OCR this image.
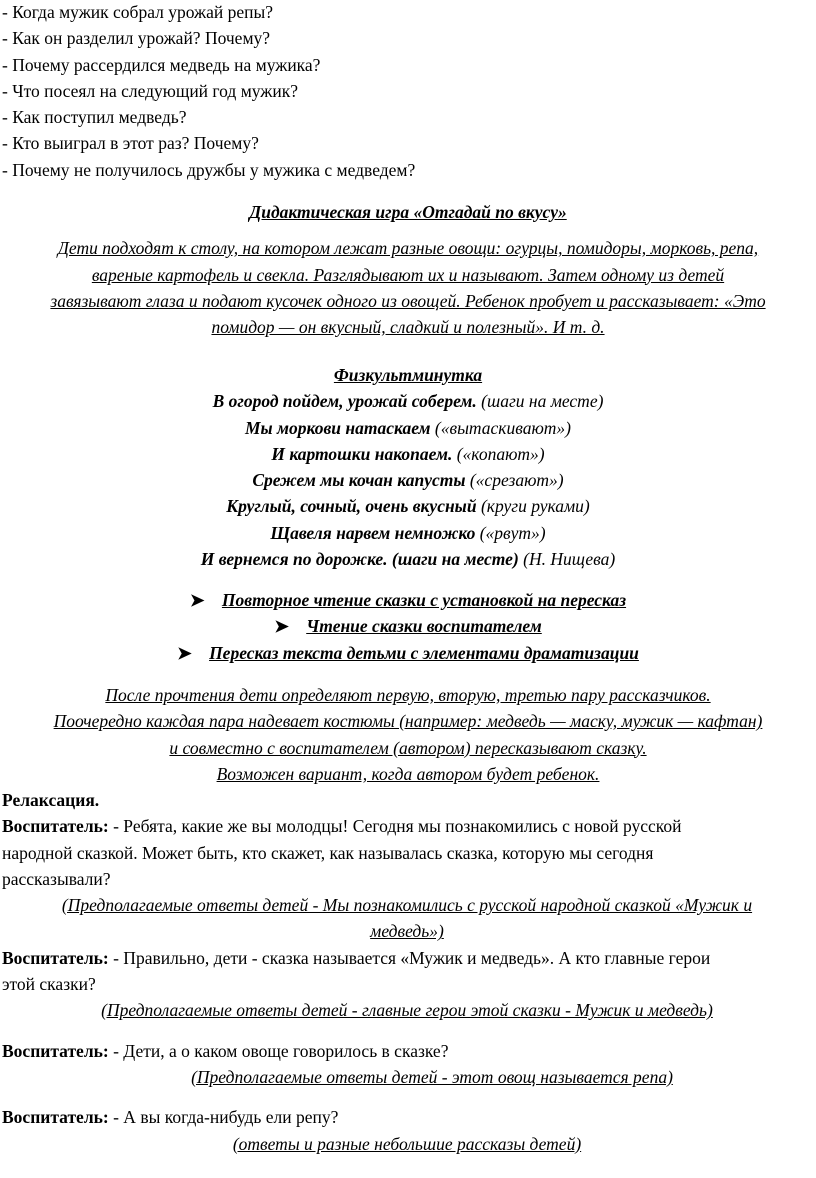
- Когда мужик собрал урожай репы?
- Как он разделил урожай? Почему?
- Почему рассердился медведь на мужика?
- Что посеял на следующий год мужик?
- Как поступил медведь?
- Кто выиграл в этот раз? Почему?
- Почему не получилось дружбы у мужика с медведем?
Дидактическая игра «Отгадай по вкусу»
Дети подходят к столу, на котором лежат разные овощи: огурцы, помидоры, морковь, репа,
вареные картофель и свекла. Разглядывают их и называют. Затем одному из детей
завязывают глаза и подают кусочек одного из овощей. Ребенок пробует и рассказывает: «Это
помидор — он вкусный, сладкий и полезный». И т. д.
Физкультминутка
В огород пойдем, урожай соберем. (шаги на месте)
Мы моркови натаскаем («вытаскивают»)
И картошки накопаем. («копают»)
Срежем мы кочан капусты («срезают»)
Круглый, сочный, очень вкусный (круги руками)
Щавеля нарвем немножко («рвут»)
И вернемся по дорожке. (шаги на месте) (Н. Нищева)
➤ Повторное чтение сказки с установкой на пересказ
➤ Чтение сказки воспитателем
➤ Пересказ текста детьми с элементами драматизации
После прочтения дети определяют первую, вторую, третью пару рассказчиков.
Поочередно каждая пара надевает костюмы (например: медведь — маску, мужик — кафтан)
и совместно с воспитателем (автором) пересказывают сказку.
Возможен вариант, когда автором будет ребенок.
Релаксация.
Воспитатель: - Ребята, какие же вы молодцы! Сегодня мы познакомились с новой русской
народной сказкой. Может быть, кто скажет, как называлась сказка, которую мы сегодня
рассказывали?
(Предполагаемые ответы детей - Мы познакомились с русской народной сказкой «Мужик и
медведь»)
Воспитатель: - Правильно, дети - сказка называется «Мужик и медведь». А кто главные герои
этой сказки?
(Предполагаемые ответы детей - главные герои этой сказки - Мужик и медведь)
Воспитатель: - Дети, а о каком овоще говорилось в сказке?
(Предполагаемые ответы детей - этот овощ называется репа)
Воспитатель: - А вы когда-нибудь ели репу?
(ответы и разные небольшие рассказы детей)
